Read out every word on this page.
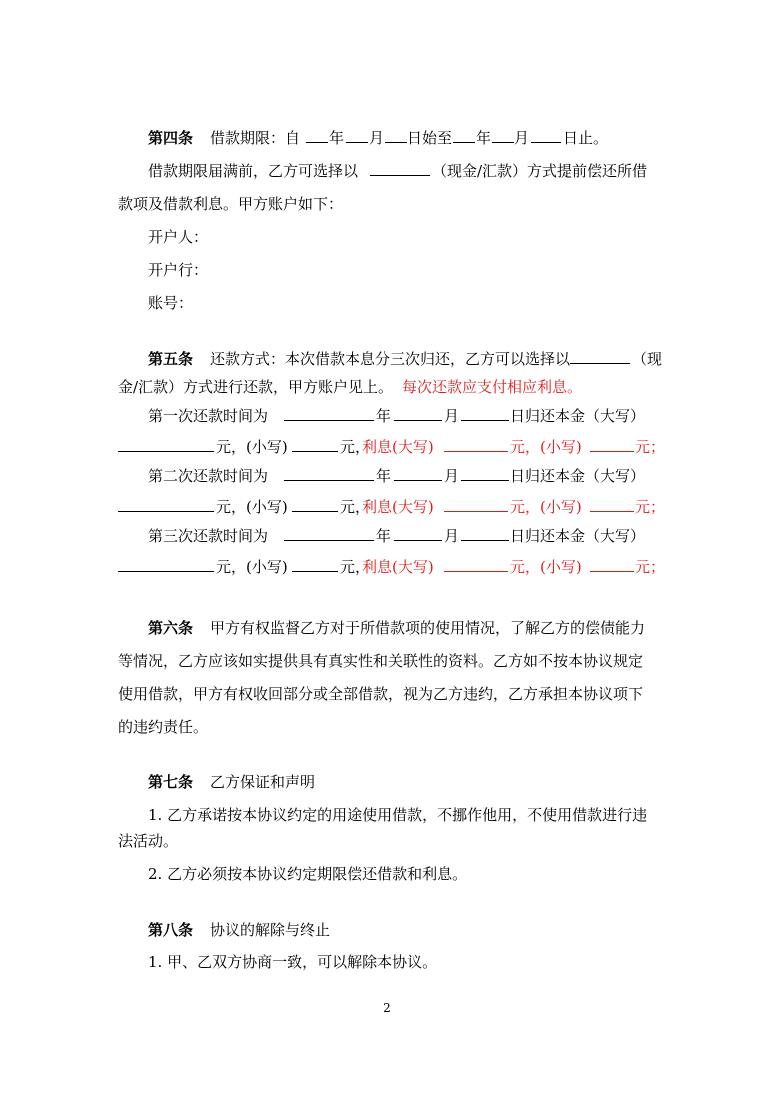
第四条 借款期限：自 年 月 日始至 年 月 日止。
借款期限届满前，乙方可选择以	（现金/汇款）方式提前偿还所借
款项及借款利息。甲方账户如下：
开户人：
开户行：
账号：
第五条 还款方式：本次借款本息分三次归还，乙方可以选择以	（现
金/汇款）方式进行还款，甲方账户见上。 每次还款应支付相应利息。
第一次还款时间为	年	月	日归还本金（大写）
元，(小写)	元，
利息(大写)	元，(小写)	元；
第二次还款时间为	年	月	日归还本金（大写）
元，(小写)	元，
利息(大写)	元，(小写)	元；
第三次还款时间为	年	月	日归还本金（大写）
元，(小写)	元，
利息(大写)	元，(小写)	元；
第六条 甲方有权监督乙方对于所借款项的使用情况，了解乙方的偿债能力
等情况，乙方应该如实提供具有真实性和关联性的资料。乙方如不按本协议规定
使用借款，甲方有权收回部分或全部借款，视为乙方违约，乙方承担本协议项下
的违约责任。
第七条 乙方保证和声明
1. 乙方承诺按本协议约定的用途使用借款，不挪作他用，不使用借款进行违
法活动。
2. 乙方必须按本协议约定期限偿还借款和利息。
第八条 协议的解除与终止
1. 甲、乙双方协商一致，可以解除本协议。
2
